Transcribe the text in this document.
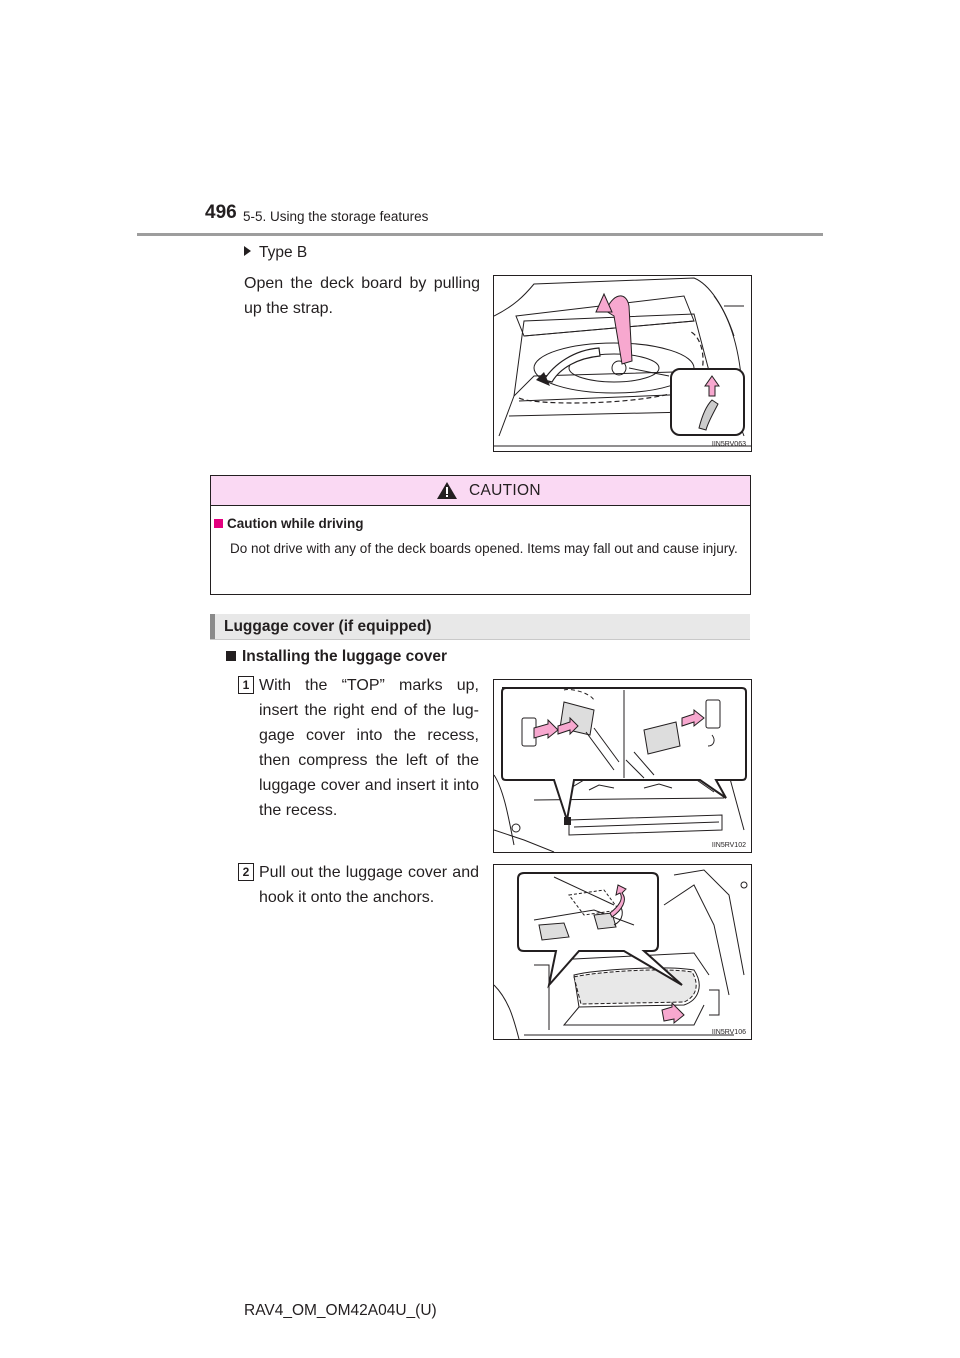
496 5-5. Using the storage features
Type B
Open the deck board by pulling up the strap.
IIN5RV063
CAUTION
Caution while driving
Do not drive with any of the deck boards opened. Items may fall out and cause injury.
Luggage cover (if equipped)
Installing the luggage cover
1 With the “TOP” marks up, insert the right end of the lug-gage cover into the recess, then compress the left of the luggage cover and insert it into the recess.
IIN5RV102
2 Pull out the luggage cover and hook it onto the anchors.
IIN5RV106
RAV4_OM_OM42A04U_(U)
